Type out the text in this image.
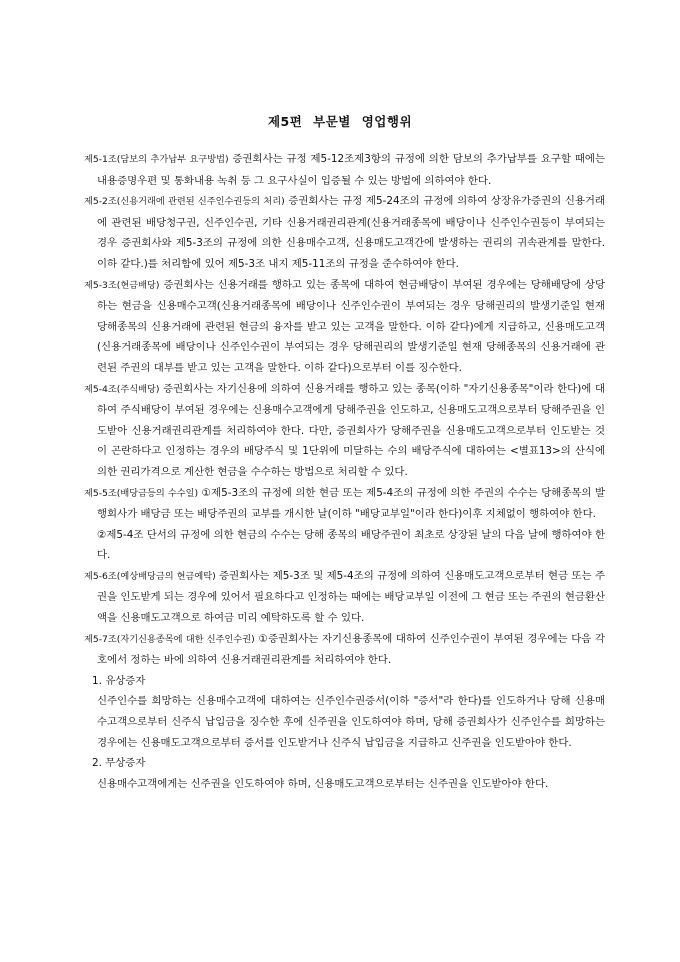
제5편 부문별 영업행위

제5-1조(담보의 추가납부 요구방법) 증권회사는 규정 제5-12조제3항의 규정에 의한 담보의 추가납부를 요구할 때에는 내용증명우편 및 통화내용 녹취 등 그 요구사실이 입증될 수 있는 방법에 의하여야 한다.

제5-2조(신용거래에 관련된 신주인수권등의 처리) 증권회사는 규정 제5-24조의 규정에 의하여 상장유가증권의 신용거래에 관련된 배당청구권, 신주인수권, 기타 신용거래권리관계(신용거래종목에 배당이나 신주인수권등이 부여되는 경우 증권회사와 제5-3조의 규정에 의한 신용매수고객, 신용매도고객간에 발생하는 권리의 귀속관계를 말한다. 이하 같다.)를 처리함에 있어 제5-3조 내지 제5-11조의 규정을 준수하여야 한다.

제5-3조(현금배당) 증권회사는 신용거래를 행하고 있는 종목에 대하여 현금배당이 부여된 경우에는 당해배당에 상당하는 현금을 신용매수고객(신용거래종목에 배당이나 신주인수권이 부여되는 경우 당해권리의 발생기준일 현재 당해종목의 신용거래에 관련된 현금의 융자를 받고 있는 고객을 말한다. 이하 같다)에게 지급하고, 신용매도고객(신용거래종목에 배당이나 신주인수권이 부여되는 경우 당해권리의 발생기준일 현재 당해종목의 신용거래에 관련된 주권의 대부를 받고 있는 고객을 말한다. 이하 같다)으로부터 이를 징수한다.

제5-4조(주식배당) 증권회사는 자기신용에 의하여 신용거래를 행하고 있는 종목(이하 "자기신용종목"이라 한다)에 대하여 주식배당이 부여된 경우에는 신용매수고객에게 당해주권을 인도하고, 신용매도고객으로부터 당해주권을 인도받아 신용거래권리관계를 처리하여야 한다. 다만, 증권회사가 당해주권을 신용매도고객으로부터 인도받는 것이 곤란하다고 인정하는 경우의 배당주식 및 1단위에 미달하는 수의 배당주식에 대하여는 <별표13>의 산식에 의한 권리가격으로 계산한 현금을 수수하는 방법으로 처리할 수 있다.

제5-5조(배당금등의 수수일) ①제5-3조의 규정에 의한 현금 또는 제5-4조의 규정에 의한 주권의 수수는 당해종목의 발행회사가 배당금 또는 배당주권의 교부를 개시한 날(이하 "배당교부일"이라 한다)이후 지체없이 행하여야 한다.

②제5-4조 단서의 규정에 의한 현금의 수수는 당해 종목의 배당주권이 최초로 상장된 날의 다음 날에 행하여야 한다.

제5-6조(예상배당금의 현금예탁) 증권회사는 제5-3조 및 제5-4조의 규정에 의하여 신용매도고객으로부터 현금 또는 주권을 인도받게 되는 경우에 있어서 필요하다고 인정하는 때에는 배당교부일 이전에 그 현금 또는 주권의 현금환산액을 신용매도고객으로 하여금 미리 예탁하도록 할 수 있다.

제5-7조(자기신용종목에 대한 신주인수권) ①증권회사는 자기신용종목에 대하여 신주인수권이 부여된 경우에는 다음 각호에서 정하는 바에 의하여 신용거래권리관계를 처리하여야 한다.

1. 유상증자

신주인수를 희망하는 신용매수고객에 대하여는 신주인수권증서(이하 "증서"라 한다)를 인도하거나 당해 신용매수고객으로부터 신주식 납입금을 징수한 후에 신주권을 인도하여야 하며, 당해 증권회사가 신주인수를 희망하는 경우에는 신용매도고객으로부터 증서를 인도받거나 신주식 납입금을 지급하고 신주권을 인도받아야 한다.

2. 무상증자

신용매수고객에게는 신주권을 인도하여야 하며, 신용매도고객으로부터는 신주권을 인도받아야 한다.
